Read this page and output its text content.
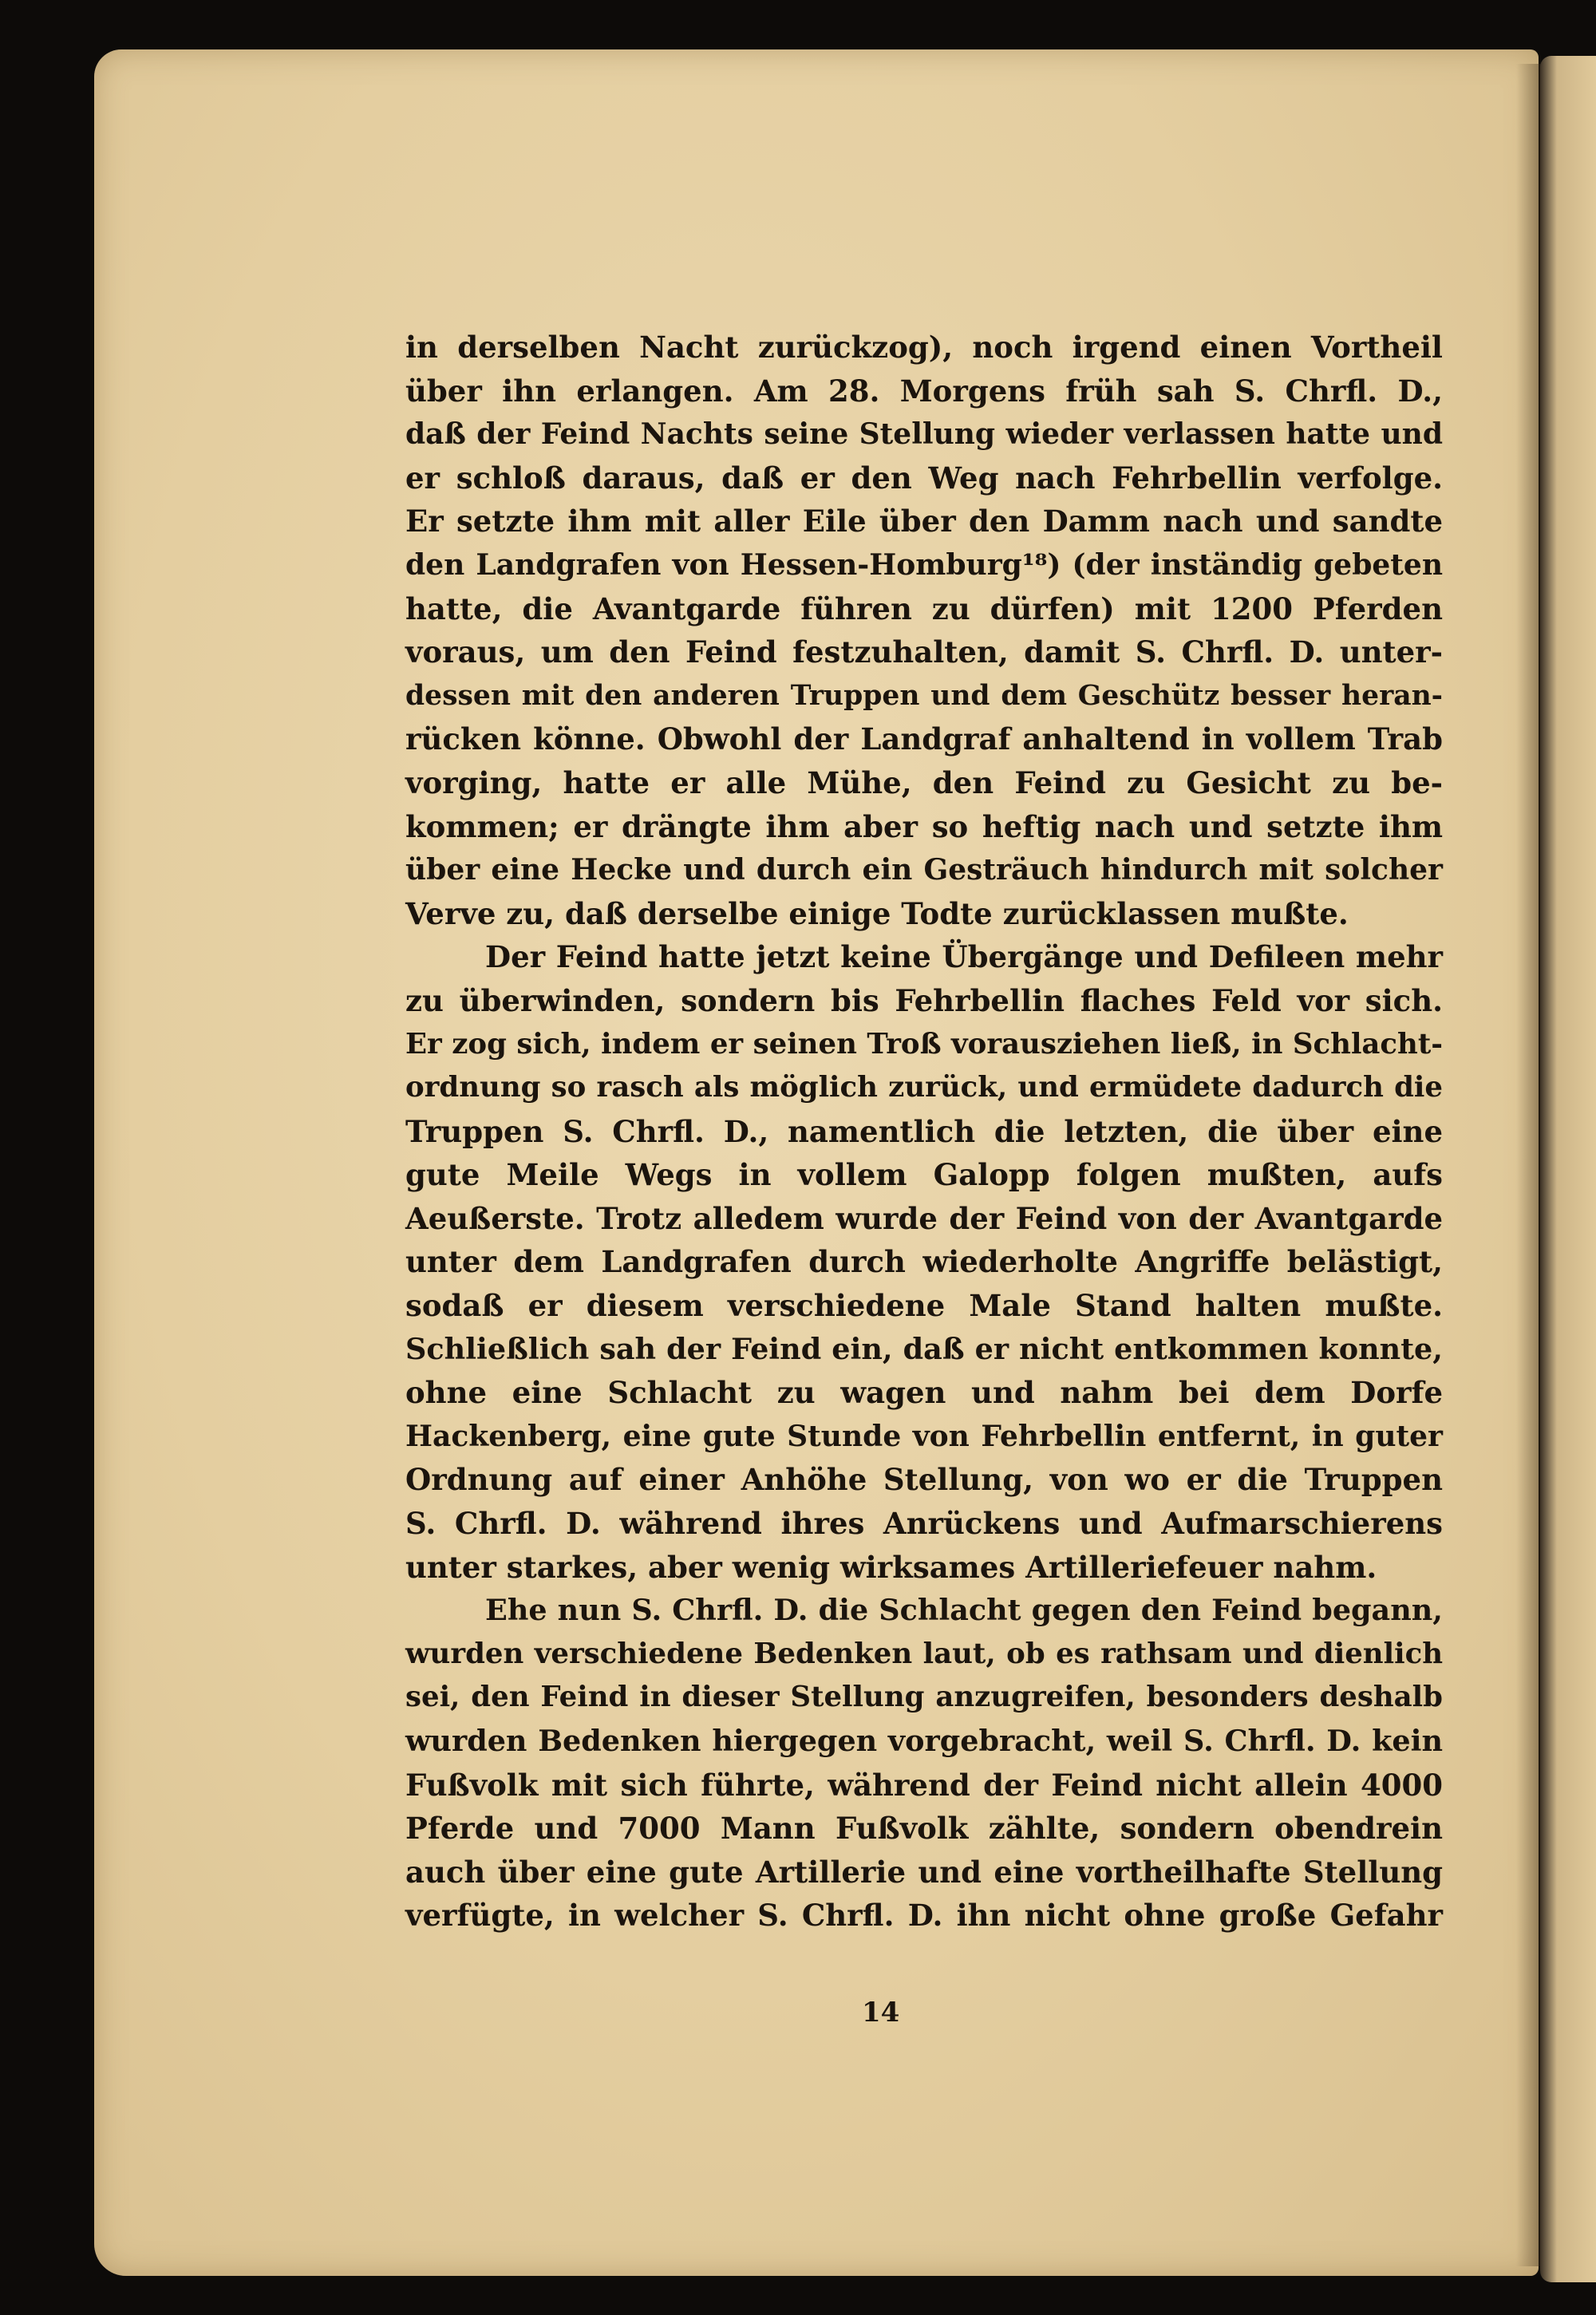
in derselben Nacht zurückzog), noch irgend einen Vortheil
über ihn erlangen. Am 28. Morgens früh sah S. Chrfl. D.,
daß der Feind Nachts seine Stellung wieder verlassen hatte und
er schloß daraus, daß er den Weg nach Fehrbellin verfolge.
Er setzte ihm mit aller Eile über den Damm nach und sandte
den Landgrafen von Hessen-Homburg¹⁸) (der inständig gebeten
hatte, die Avantgarde führen zu dürfen) mit 1200 Pferden
voraus, um den Feind festzuhalten, damit S. Chrfl. D. unter-
dessen mit den anderen Truppen und dem Geschütz besser heran-
rücken könne. Obwohl der Landgraf anhaltend in vollem Trab
vorging, hatte er alle Mühe, den Feind zu Gesicht zu be-
kommen; er drängte ihm aber so heftig nach und setzte ihm
über eine Hecke und durch ein Gesträuch hindurch mit solcher
Verve zu, daß derselbe einige Todte zurücklassen mußte.
Der Feind hatte jetzt keine Übergänge und Defileen mehr
zu überwinden, sondern bis Fehrbellin flaches Feld vor sich.
Er zog sich, indem er seinen Troß vorausziehen ließ, in Schlacht-
ordnung so rasch als möglich zurück, und ermüdete dadurch die
Truppen S. Chrfl. D., namentlich die letzten, die über eine
gute Meile Wegs in vollem Galopp folgen mußten, aufs
Aeußerste. Trotz alledem wurde der Feind von der Avantgarde
unter dem Landgrafen durch wiederholte Angriffe belästigt,
sodaß er diesem verschiedene Male Stand halten mußte.
Schließlich sah der Feind ein, daß er nicht entkommen konnte,
ohne eine Schlacht zu wagen und nahm bei dem Dorfe
Hackenberg, eine gute Stunde von Fehrbellin entfernt, in guter
Ordnung auf einer Anhöhe Stellung, von wo er die Truppen
S. Chrfl. D. während ihres Anrückens und Aufmarschierens
unter starkes, aber wenig wirksames Artilleriefeuer nahm.
Ehe nun S. Chrfl. D. die Schlacht gegen den Feind begann,
wurden verschiedene Bedenken laut, ob es rathsam und dienlich
sei, den Feind in dieser Stellung anzugreifen, besonders deshalb
wurden Bedenken hiergegen vorgebracht, weil S. Chrfl. D. kein
Fußvolk mit sich führte, während der Feind nicht allein 4000
Pferde und 7000 Mann Fußvolk zählte, sondern obendrein
auch über eine gute Artillerie und eine vortheilhafte Stellung
verfügte, in welcher S. Chrfl. D. ihn nicht ohne große Gefahr
14
